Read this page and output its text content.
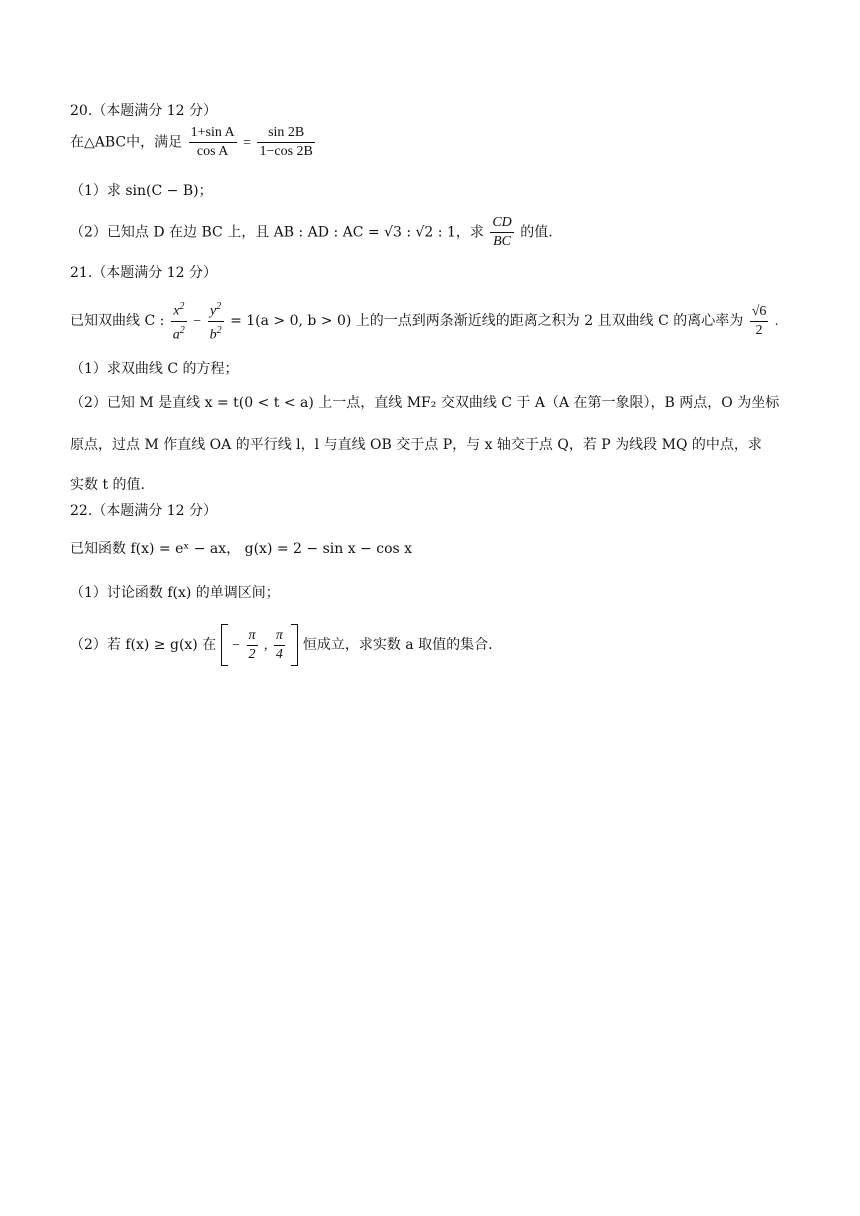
20.（本题满分 12 分）
在△ABC中，满足 $\frac{\text{1+sin A}}{\text{cos A}} = \frac{\sin 2B}{1-\cos 2B}$
（1）求 sin(C − B)；
（2）已知点 D 在边 BC 上，且 AB : AD : AC = √3 : √2 : 1，求 $\frac{CD}{BC}$ 的值.
21.（本题满分 12 分）
已知双曲线 C : $\frac{x^2}{a^2} - \frac{y^2}{b^2} = 1(a > 0$, b > 0) 上的一点到两条渐近线的距离之积为 2 且双曲线 C 的离心率为 $\frac{√6}{2}$ .
（1）求双曲线 C 的方程；
（2）已知 M 是直线 x = t(0 < t < a) 上一点，直线 MF₂ 交双曲线 C 于 A（A 在第一象限），B 两点，O 为坐标
原点，过点 M 作直线 OA 的平行线 l，l 与直线 OB 交于点 P，与 x 轴交于点 Q，若 P 为线段 MQ 的中点，求
实数 t 的值.
22.（本题满分 12 分）
已知函数 f(x) = eˣ − ax， g(x) = 2 − sin x − cos x
（1）讨论函数 f(x) 的单调区间；
（2）若 f(x) ≥ g(x) 在 − $\frac{\pi}{2}$ , $\frac{\pi}{4}$ 恒成立，求实数 a 取值的集合.
